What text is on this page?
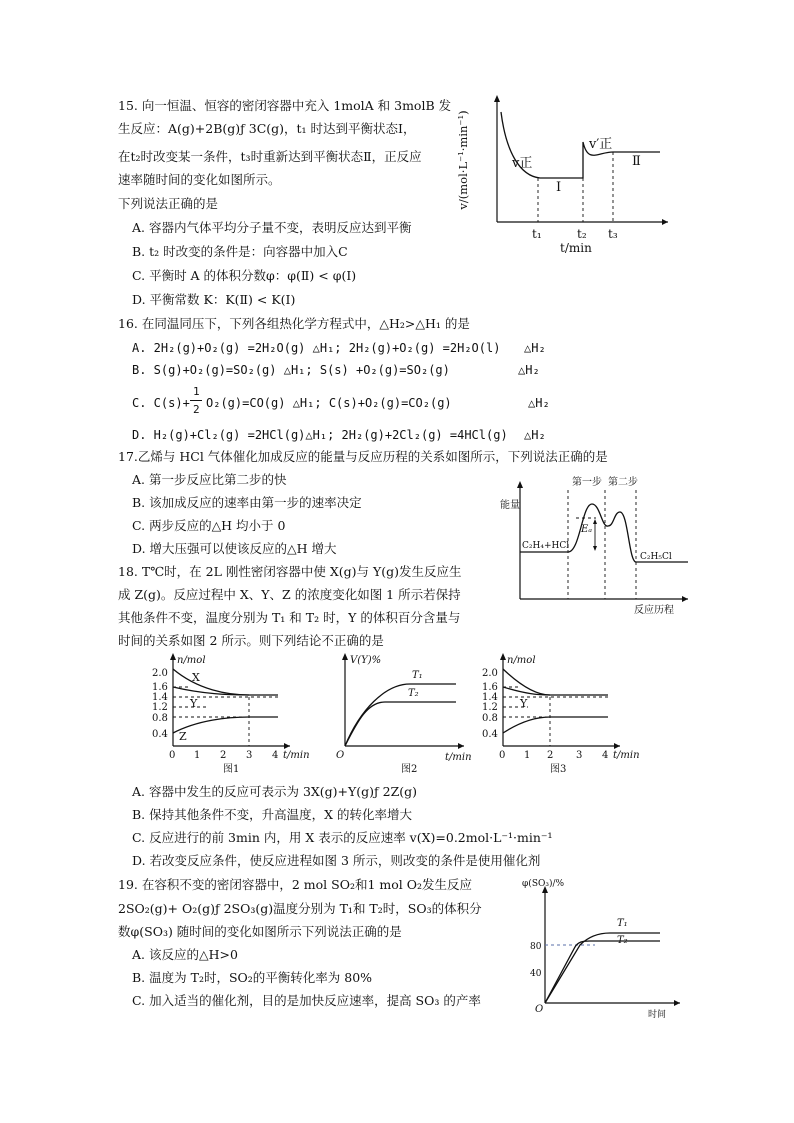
15. 向一恒温、恒容的密闭容器中充入 1molA 和 3molB 发
生反应：A(g)+2B(g)ƒ 3C(g)，t₁ 时达到平衡状态Ⅰ，
在t₂时改变某一条件，t₃时重新达到平衡状态Ⅱ，正反应
速率随时间的变化如图所示。
下列说法正确的是
A. 容器内气体平均分子量不变，表明反应达到平衡
B. t₂ 时改变的条件是：向容器中加入C
C. 平衡时 A 的体积分数φ：φ(Ⅱ) < φ(Ⅰ)
D. 平衡常数 K：K(Ⅱ) < K(Ⅰ)
v/(mol·L⁻¹·min⁻¹)	v正
v′正
Ⅰ
Ⅱ
t₁	t₂ t₃
t/min
16. 在同温同压下，下列各组热化学方程式中，△H₂>△H₁ 的是
A. 2H₂(g)+O₂(g) =2H₂O(g) △H₁; 2H₂(g)+O₂(g) =2H₂O(l) △H₂
B. S(g)+O₂(g)=SO₂(g) △H₁; S(s) +O₂(g)=SO₂(g)	△H₂
C. C(s)+
1
2 O₂(g)=CO(g) △H₁; C(s)+O₂(g)=CO₂(g)	△H₂
D. H₂(g)+Cl₂(g) =2HCl(g)△H₁; 2H₂(g)+2Cl₂(g) =4HCl(g) △H₂
17.乙烯与 HCl 气体催化加成反应的能量与反应历程的关系如图所示，下列说法正确的是
A. 第一步反应比第二步的快
B. 该加成反应的速率由第一步的速率决定
C. 两步反应的△H 均小于 0
D. 增大压强可以使该反应的△H 增大
能量
第一步 第二步
Eₐ
C₂H₄+HCl
C₂H₅Cl
反应历程
18. T℃时，在 2L 刚性密闭容器中使 X(g)与 Y(g)发生反应生
成 Z(g)。反应过程中 X、Y、Z 的浓度变化如图 1 所示若保持
其他条件不变，温度分别为 T₁ 和 T₂ 时，Y 的体积百分含量与
时间的关系如图 2 所示。则下列结论不正确的是
n/mol
2.0
1.6
1.4
1.2
0.8
0.4
X
Y
Z
0 1 2 3 4 t/min
图1
V(Y)%
T₁
T₂
O	t/min
图2
n/mol
2.0
1.6
1.4
1.2
0.8
0.4
Y
0 1 2 3 4 t/min
图3
A. 容器中发生的反应可表示为 3X(g)+Y(g)ƒ 2Z(g)
B. 保持其他条件不变，升高温度，X 的转化率增大
C. 反应进行的前 3min 内，用 X 表示的反应速率 v(X)=0.2mol·L⁻¹·min⁻¹
D. 若改变反应条件，使反应进程如图 3 所示，则改变的条件是使用催化剂
19. 在容积不变的密闭容器中，2 mol SO₂和1 mol O₂发生反应
2SO₂(g)+ O₂(g)ƒ 2SO₃(g)温度分别为 T₁和 T₂时，SO₃的体积分
数φ(SO₃) 随时间的变化如图所示下列说法正确的是
A. 该反应的△H>0
B. 温度为 T₂时，SO₂的平衡转化率为 80%
C. 加入适当的催化剂，目的是加快反应速率，提高 SO₃ 的产率
φ(SO₃)/%
T₁
T₂
80
40
O	时间
